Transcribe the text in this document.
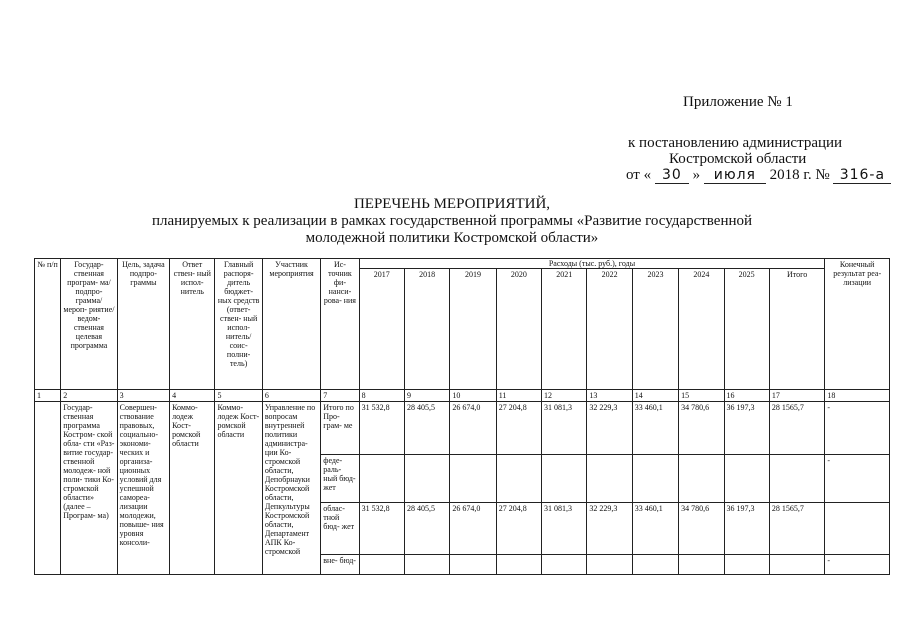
Приложение № 1
к постановлению администрации
Костромской области
от « 30 » июля 2018 г. № 316-а
ПЕРЕЧЕНЬ МЕРОПРИЯТИЙ,
планируемых к реализации в рамках государственной программы «Развитие государственной
молодежной политики Костромской области»
№ п/п	Государ- ственная програм- ма/подпро- грамма/ мероп- риятие/ ведом- ственная целевая программа	Цель, задача подпро- граммы	Ответ ствен- ный испол- нитель	Главный распоря- дитель бюджет- ных средств (ответ- ствен- ный испол- нитель/ соис- полни- тель)	Участник мероприятия	Ис- точник фи- нанси- рова- ния	Расходы (тыс. руб.), годы										Конечный результат реа- лизации
							2017	2018	2019	2020	2021	2022	2023	2024	2025	Итого	
1	2	3	4	5	6	7	8	9	10	11	12	13	14	15	16	17	18
	Государ- ственная программа Костром- ской обла- сти «Раз- витие государ- ственной молодеж- ной поли- тики Ко- стромской области» (далее – Програм- ма)	Совершен- ствование правовых, социально- экономи- ческих и организа- ционных условий для успешной самореа- лизации молодежи, повыше- ния уровня консоли-	Коммо- лодеж Кост- ромской области	Коммо- лодеж Кост- ромской области	Управление по вопросам внутренней политики администра- ции Ко- стромской области, Депобрнауки Костромской области, Депкультуры Костромской области, Департамент АПК Ко- стромской	Итого по Про- грам- ме	31 532,8	28 405,5	26 674,0	27 204,8	31 081,3	32 229,3	33 460,1	34 780,6	36 197,3	28 1565,7	-
						феде- раль- ный бюд- жет											-
						облас- тной бюд- жет	31 532,8	28 405,5	26 674,0	27 204,8	31 081,3	32 229,3	33 460,1	34 780,6	36 197,3	28 1565,7	
						вне- бюд-											-
